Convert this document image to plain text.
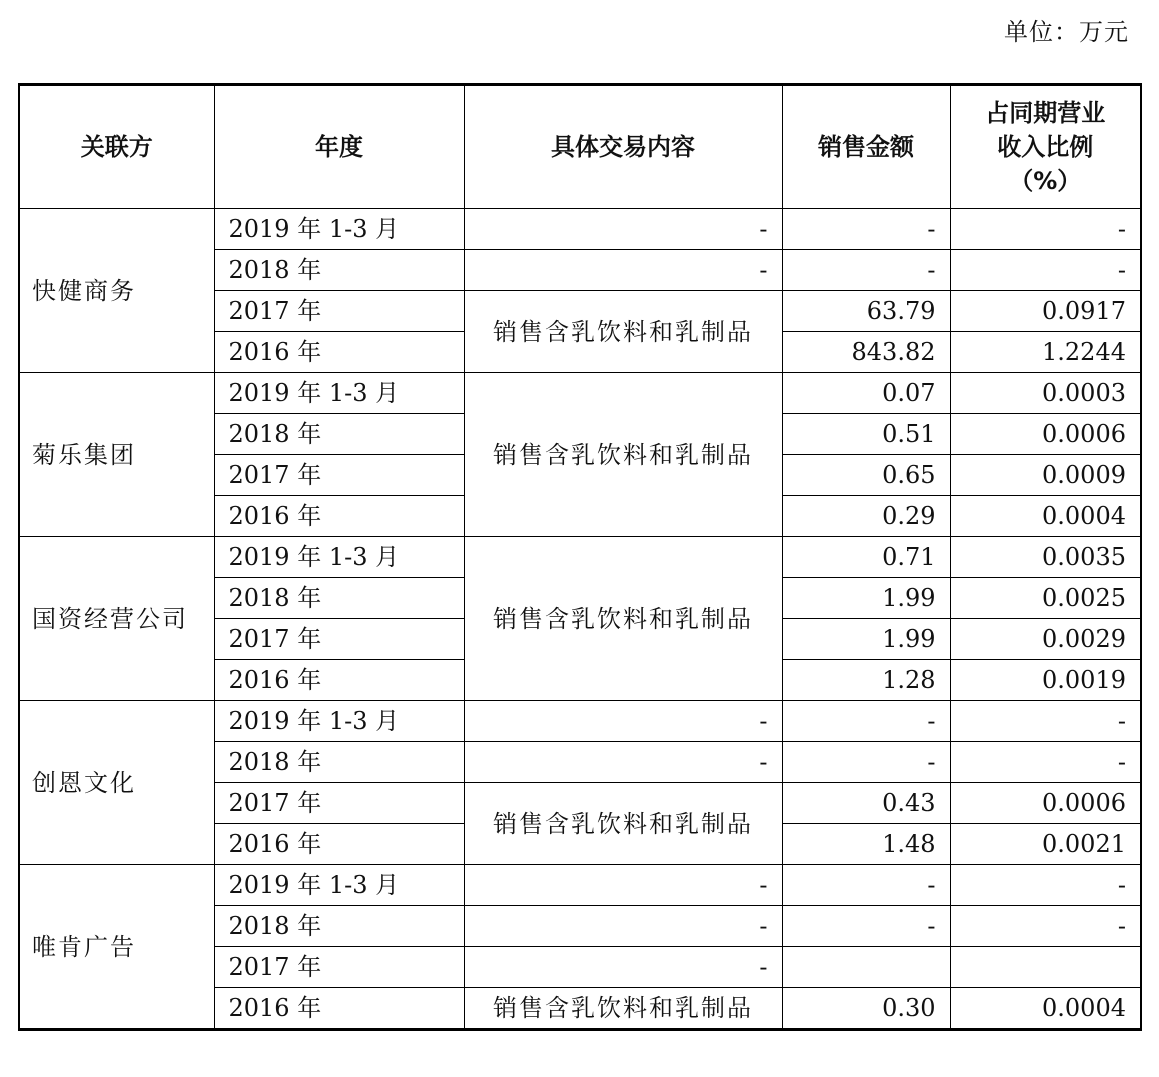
单位：万元
关联方	年度	具体交易内容	销售金额	占同期营业
收入比例
（%）

快健商务	2019 年 1-3 月	-	-	-
	2018 年	-	-	-
	2017 年	销售含乳饮料和乳制品	63.79	0.0917
	2016 年		843.82	1.2244
菊乐集团	2019 年 1-3 月	销售含乳饮料和乳制品	0.07	0.0003
	2018 年		0.51	0.0006
	2017 年		0.65	0.0009
	2016 年		0.29	0.0004
国资经营公司	2019 年 1-3 月	销售含乳饮料和乳制品	0.71	0.0035
	2018 年		1.99	0.0025
	2017 年		1.99	0.0029
	2016 年		1.28	0.0019
创恩文化	2019 年 1-3 月	-	-	-
	2018 年	-	-	-
	2017 年	销售含乳饮料和乳制品	0.43	0.0006
	2016 年		1.48	0.0021
唯肯广告	2019 年 1-3 月	-	-	-
	2018 年	-	-	-
	2017 年	-		
	2016 年	销售含乳饮料和乳制品	0.30	0.0004
